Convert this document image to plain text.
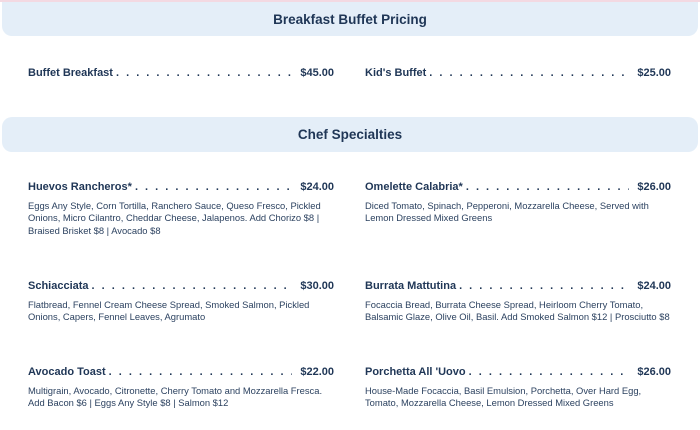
Breakfast Buffet Pricing
Buffet Breakfast . . .	$45.00	Kid's Buffet . . .	$25.00
Chef Specialties
Huevos Rancheros* . . .	$24.00
Eggs Any Style, Corn Tortilla, Ranchero Sauce, Queso Fresco, Pickled Onions, Micro Cilantro, Cheddar Cheese, Jalapenos. Add Chorizo $8 | Braised Brisket $8 | Avocado $8
Omelette Calabria* . . .	$26.00
Diced Tomato, Spinach, Pepperoni, Mozzarella Cheese, Served with Lemon Dressed Mixed Greens
Schiacciata . . .	$30.00
Flatbread, Fennel Cream Cheese Spread, Smoked Salmon, Pickled Onions, Capers, Fennel Leaves, Agrumato
Burrata Mattutina . . .	$24.00
Focaccia Bread, Burrata Cheese Spread, Heirloom Cherry Tomato, Balsamic Glaze, Olive Oil, Basil. Add Smoked Salmon $12 | Prosciutto $8
Avocado Toast . . .	$22.00
Multigrain, Avocado, Citronette, Cherry Tomato and Mozzarella Fresca. Add Bacon $6 | Eggs Any Style $8 | Salmon $12
Porchetta All 'Uovo . . .	$26.00
House-Made Focaccia, Basil Emulsion, Porchetta, Over Hard Egg, Tomato, Mozzarella Cheese, Lemon Dressed Mixed Greens
